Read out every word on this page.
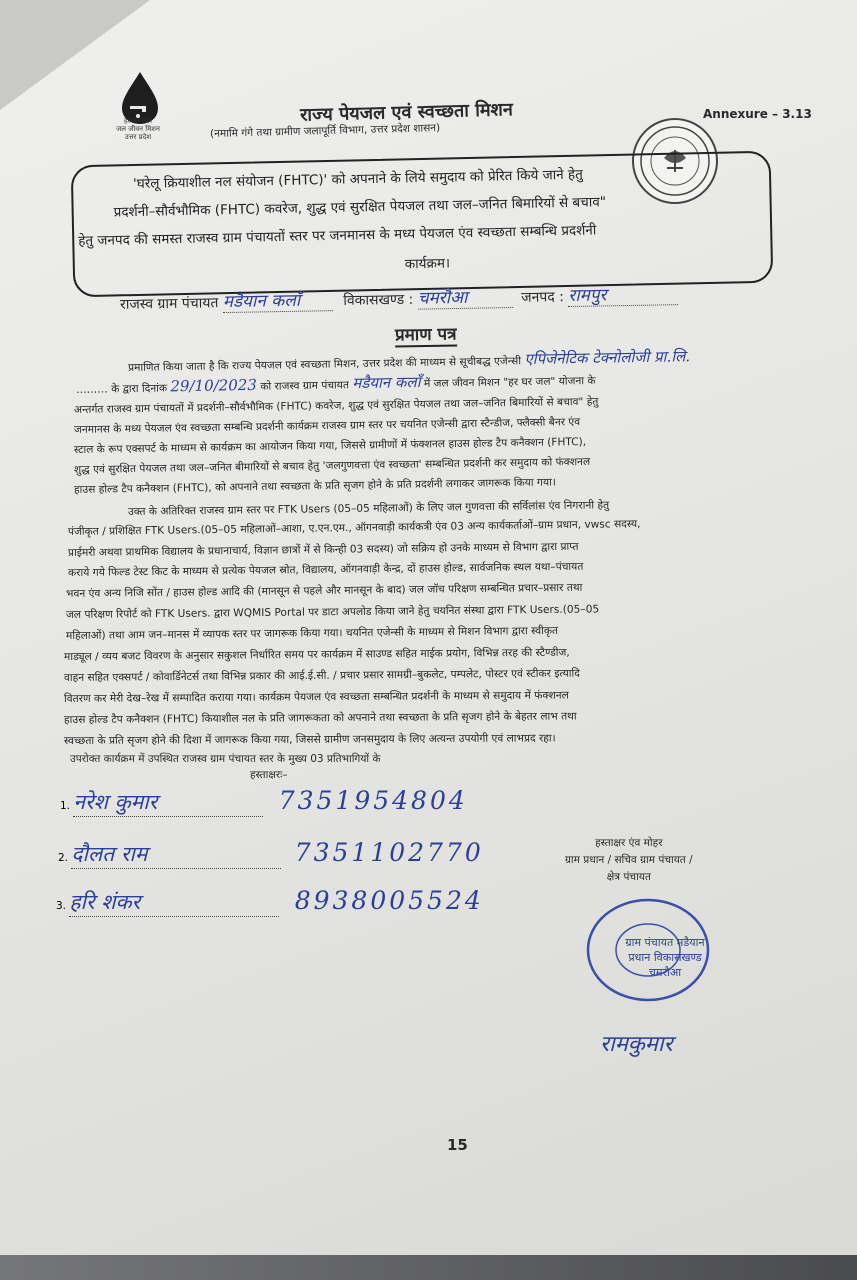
हर घर जल
जल जीवन मिशन
उत्तर प्रदेश
Annexure – 3.13
राज्य पेयजल एवं स्वच्छता मिशन
(नमामि गंगे तथा ग्रामीण जलापूर्ति विभाग, उत्तर प्रदेश शासन)
'घरेलू क्रियाशील नल संयोजन (FHTC)' को अपनाने के लिये समुदाय को प्रेरित किये जाने हेतु
प्रदर्शनी–सौर्वभौमिक (FHTC) कवरेज, शुद्ध एवं सुरक्षित पेयजल तथा जल–जनित बिमारियों से बचाव"
हेतु जनपद की समस्त राजस्व ग्राम पंचायतों स्तर पर जनमानस के मध्य पेयजल एंव स्वच्छता सम्बन्धि प्रदर्शनी
कार्यक्रम।
राजस्व ग्राम पंचायत मडैयान कलाँ	विकासखण्ड : चमरौआ	जनपद : रामपुर
प्रमाण पत्र
प्रमाणित किया जाता है कि राज्य पेयजल एवं स्वच्छता मिशन, उत्तर प्रदेश की माध्यम से सूचीबद्ध एजेन्सी एपिजेनेटिक टेक्नोलोजी प्रा.लि.
……… के द्वारा दिनांक 29/10/2023 को राजस्व ग्राम पंचायत मडैयान कलाँ में जल जीवन मिशन "हर घर जल" योजना के
अन्तर्गत राजस्व ग्राम पंचायतों में प्रदर्शनी–सौर्वभौमिक (FHTC) कवरेज, शुद्ध एवं सुरक्षित पेयजल तथा जल–जनित बिमारियों से बचाव" हेतु
जनमानस के मध्य पेयजल एंव स्वच्छता सम्बन्धि प्रदर्शनी कार्यक्रम राजस्व ग्राम स्तर पर चयनित एजेन्सी द्वारा स्टैन्डीज, फ्लैक्सी बैनर एंव
स्टाल के रूप एक्सपर्ट के माध्यम से कार्यक्रम का आयोजन किया गया, जिससे ग्रामीणों में फंक्शनल हाउस होल्ड टैप कनैक्शन (FHTC),
शुद्ध एवं सुरक्षित पेयजल तथा जल–जनित बीमारियों से बचाव हेतु 'जलगुणवत्ता एंव स्वच्छता' सम्बन्धित प्रदर्शनी कर समुदाय को फंक्शनल
हाउस होल्ड टैप कनैक्शन (FHTC), को अपनाने तथा स्वच्छता के प्रति सृजग होने के प्रति प्रदर्शनी लगाकर जागरूक किया गया।
उक्त के अतिरिक्त राजस्व ग्राम स्तर पर FTK Users (05–05 महिलाओं) के लिए जल गुणवत्ता की सर्विलांस एंव निगरानी हेतु
पंजीकृत / प्रशिक्षित FTK Users.(05–05 महिलाओं–आशा, ए.एन.एम., ऑगनवाड़ी कार्यकत्री एंव 03 अन्य कार्यकर्ताओं–ग्राम प्रधान, vwsc सदस्य,
प्राईमरी अथवा प्राथमिक विद्यालय के प्रधानाचार्य, विज्ञान छात्रों में से किन्ही 03 सदस्य) जो सक्रिय हो उनके माध्यम से विभाग द्वारा प्राप्त
कराये गये फिल्ड टेस्ट किट के माध्यम से प्रत्येक पेयजल स्रोत, विद्यालय, ऑगनवाड़ी केन्द्र, दों हाउस होल्ड, सार्वजनिक स्थल यथा–पंचायत
भवन एंव अन्य निजि सोंत / हाउस होल्ड आदि की (मानसून से पहले और मानसून के बाद) जल जॉच परिक्षण सम्बन्धित प्रचार–प्रसार तथा
जल परिक्षण रिपोर्ट को FTK Users. द्वारा WQMIS Portal पर डाटा अपलोड किया जाने हेतु चयनित संस्था द्वारा FTK Users.(05–05
महिलाओं) तथा आम जन–मानस में व्यापक स्तर पर जागरूक किया गया। चयनित एजेन्सी के माध्यम से मिशन विभाग द्वारा स्वीकृत
माड्यूल / व्यय बजट विवरण के अनुसार सकुशल निर्धारित समय पर कार्यक्रम में साउण्ड सहित माईक प्रयोग, विभिन्न तरह की स्टैण्डीज,
वाहन सहित एक्सपर्ट / कोवार्डिनेटर्स तथा विभिन्न प्रकार की आई.ई.सी. / प्रचार प्रसार सामग्री–बुकलेट, पम्पलेट, पोस्टर एवं स्टीकर इत्यादि
वितरण कर मेरी देख–रेख में सम्पादित कराया गया। कार्यक्रम पेयजल एंव स्वच्छता सम्बन्धित प्रदर्शनी के माध्यम से समुदाय में फंक्शनल
हाउस होल्ड टैप कनैक्शन (FHTC) कियाशील नल के प्रति जागरूकता को अपनाने तथा स्वच्छता के प्रति सृजग होने के बेहतर लाभ तथा
स्वच्छता के प्रति सृजग होने की दिशा में जागरूक किया गया, जिससे ग्रामीण जनसमुदाय के लिए अत्यन्त उपयोगी एवं लाभप्रद रहा।
उपरोक्त कार्यक्रम में उपस्थित राजस्व ग्राम पंचायत स्तर के मुख्य 03 प्रतिभागियों के
हस्ताक्षरः–
1. नरेश कुमार	7351954804
2. दौलत राम	7351102770
3. हरि शंकर	8938005524
हस्ताक्षर एंव मोहर
ग्राम प्रधान / सचिव ग्राम पंचायत /
क्षेत्र पंचायत
ग्राम पंचायत मडैयान प्रधान विकासखण्ड चमरौआ
रामकुमार
15
